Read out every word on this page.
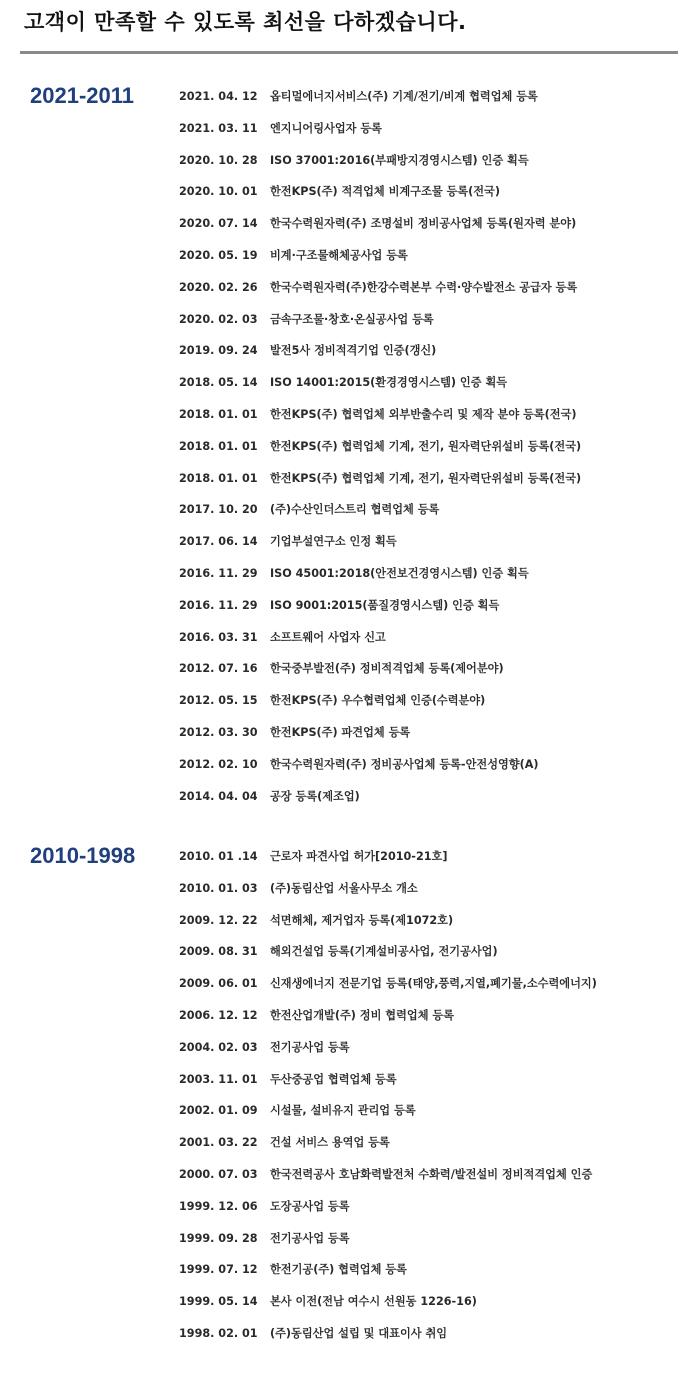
고객이 만족할 수 있도록 최선을 다하겠습니다.
2021-2011	2021. 04. 12 옵티멀에너지서비스(주) 기계/전기/비계 협력업체 등록
2021. 03. 11 엔지니어링사업자 등록
2020. 10. 28 ISO 37001:2016(부패방지경영시스템) 인증 획득
2020. 10. 01 한전KPS(주) 적격업체 비계구조물 등록(전국)
2020. 07. 14 한국수력원자력(주) 조명설비 정비공사업체 등록(원자력 분야)
2020. 05. 19 비계·구조물해체공사업 등록
2020. 02. 26 한국수력원자력(주)한강수력본부 수력·양수발전소 공급자 등록
2020. 02. 03 금속구조물·창호·온실공사업 등록
2019. 09. 24 발전5사 정비적격기업 인증(갱신)
2018. 05. 14 ISO 14001:2015(환경경영시스템) 인증 획득
2018. 01. 01 한전KPS(주) 협력업체 외부반출수리 및 제작 분야 등록(전국)
2018. 01. 01 한전KPS(주) 협력업체 기계, 전기, 원자력단위설비 등록(전국)
2018. 01. 01 한전KPS(주) 협력업체 기계, 전기, 원자력단위설비 등록(전국)
2017. 10. 20 (주)수산인더스트리 협력업체 등록
2017. 06. 14 기업부설연구소 인정 획득
2016. 11. 29 ISO 45001:2018(안전보건경영시스템) 인증 획득
2016. 11. 29 ISO 9001:2015(품질경영시스템) 인증 획득
2016. 03. 31 소프트웨어 사업자 신고
2012. 07. 16 한국중부발전(주) 정비적격업체 등록(제어분야)
2012. 05. 15 한전KPS(주) 우수협력업체 인증(수력분야)
2012. 03. 30 한전KPS(주) 파견업체 등록
2012. 02. 10 한국수력원자력(주) 정비공사업체 등록-안전성영향(A)
2014. 04. 04 공장 등록(제조업)
2010-1998	2010. 01 .14 근로자 파견사업 허가[2010-21호]
2010. 01. 03 (주)동림산업 서울사무소 개소
2009. 12. 22 석면해체, 제거업자 등록(제1072호)
2009. 08. 31 해외건설업 등록(기계설비공사업, 전기공사업)
2009. 06. 01 신재생에너지 전문기업 등록(태양,풍력,지열,폐기물,소수력에너지)
2006. 12. 12 한전산업개발(주) 정비 협력업체 등록
2004. 02. 03 전기공사업 등록
2003. 11. 01 두산중공업 협력업체 등록
2002. 01. 09 시설물, 설비유지 관리업 등록
2001. 03. 22 건설 서비스 용역업 등록
2000. 07. 03 한국전력공사 호남화력발전처 수화력/발전설비 정비적격업체 인증
1999. 12. 06 도장공사업 등록
1999. 09. 28 전기공사업 등록
1999. 07. 12 한전기공(주) 협력업체 등록
1999. 05. 14 본사 이전(전남 여수시 선원동 1226-16)
1998. 02. 01 (주)동림산업 설립 및 대표이사 취임
